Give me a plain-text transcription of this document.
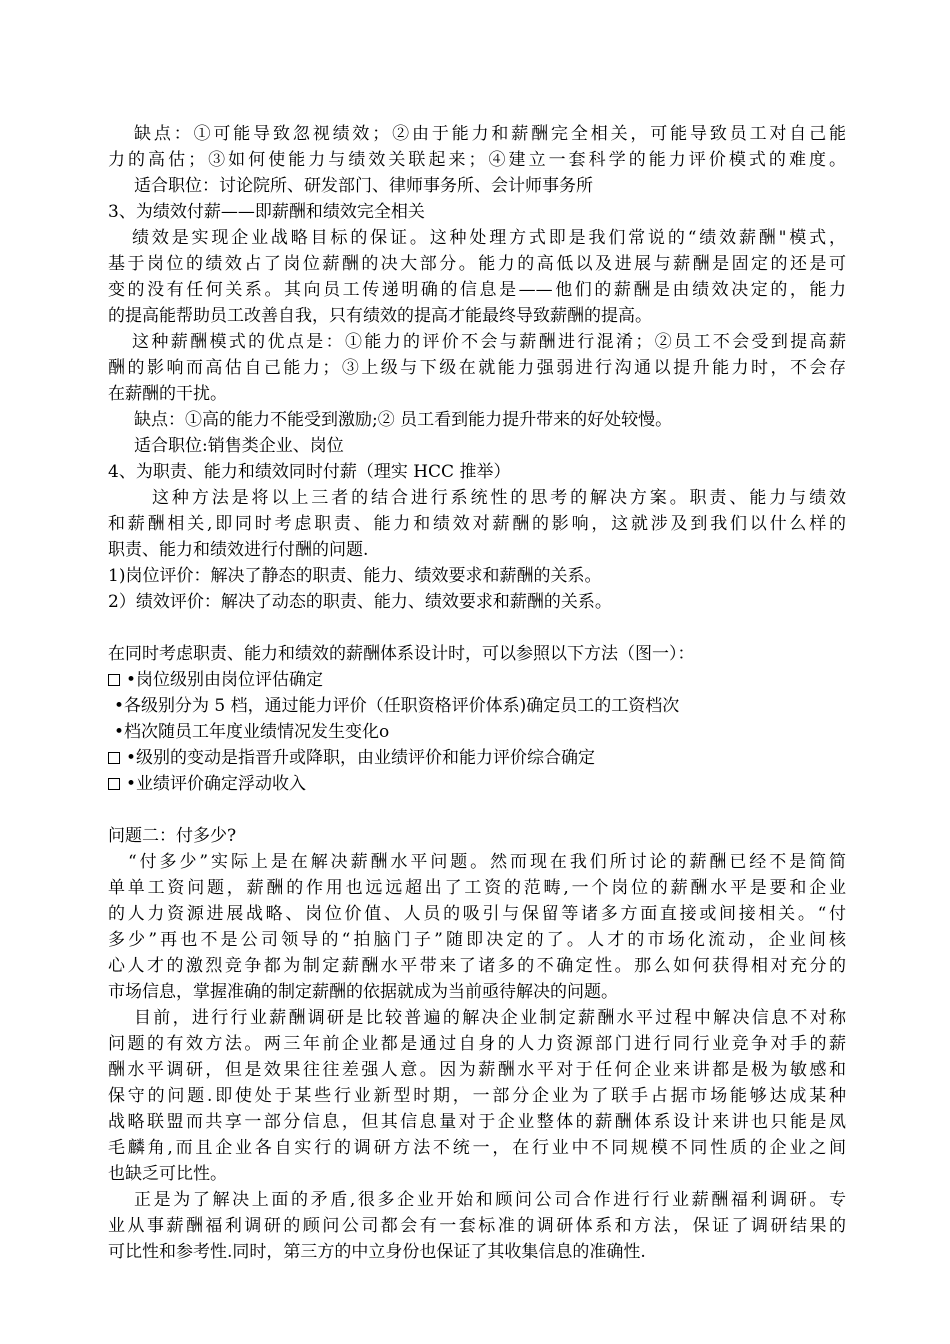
缺点：①可能导致忽视绩效；②由于能力和薪酬完全相关，可能导致员工对自己能
力的高估；③如何使能力与绩效关联起来；④建立一套科学的能力评价模式的难度。
适合职位：讨论院所、研发部门、律师事务所、会计师事务所
3、为绩效付薪——即薪酬和绩效完全相关
绩效是实现企业战略目标的保证。这种处理方式即是我们常说的“绩效薪酬"模式，
基于岗位的绩效占了岗位薪酬的决大部分。能力的高低以及进展与薪酬是固定的还是可
变的没有任何关系。其向员工传递明确的信息是——他们的薪酬是由绩效决定的，能力
的提高能帮助员工改善自我，只有绩效的提高才能最终导致薪酬的提高。
这种薪酬模式的优点是：①能力的评价不会与薪酬进行混淆；②员工不会受到提高薪
酬的影响而高估自己能力；③上级与下级在就能力强弱进行沟通以提升能力时，不会存
在薪酬的干扰。
缺点：①高的能力不能受到激励;② 员工看到能力提升带来的好处较慢。
适合职位:销售类企业、岗位
4、为职责、能力和绩效同时付薪（理实 HCC 推举）
这种方法是将以上三者的结合进行系统性的思考的解决方案。职责、能力与绩效
和薪酬相关,即同时考虑职责、能力和绩效对薪酬的影响，这就涉及到我们以什么样的
职责、能力和绩效进行付酬的问题.
1)岗位评价：解决了静态的职责、能力、绩效要求和薪酬的关系。
2）绩效评价：解决了动态的职责、能力、绩效要求和薪酬的关系。
在同时考虑职责、能力和绩效的薪酬体系设计时，可以参照以下方法（图一）：
•岗位级别由岗位评估确定
•各级别分为 5 档，通过能力评价（任职资格评价体系)确定员工的工资档次
•档次随员工年度业绩情况发生变化o
•级别的变动是指晋升或降职，由业绩评价和能力评价综合确定
•业绩评价确定浮动收入
问题二：付多少?
“付多少”实际上是在解决薪酬水平问题。然而现在我们所讨论的薪酬已经不是简简
单单工资问题，薪酬的作用也远远超出了工资的范畴,一个岗位的薪酬水平是要和企业
的人力资源进展战略、岗位价值、人员的吸引与保留等诸多方面直接或间接相关。“付
多少”再也不是公司领导的“拍脑门子”随即决定的了。人才的市场化流动，企业间核
心人才的激烈竞争都为制定薪酬水平带来了诸多的不确定性。那么如何获得相对充分的
市场信息，掌握准确的制定薪酬的依据就成为当前亟待解决的问题。
目前，进行行业薪酬调研是比较普遍的解决企业制定薪酬水平过程中解决信息不对称
问题的有效方法。两三年前企业都是通过自身的人力资源部门进行同行业竞争对手的薪
酬水平调研，但是效果往往差强人意。因为薪酬水平对于任何企业来讲都是极为敏感和
保守的问题.即使处于某些行业新型时期，一部分企业为了联手占据市场能够达成某种
战略联盟而共享一部分信息，但其信息量对于企业整体的薪酬体系设计来讲也只能是凤
毛麟角,而且企业各自实行的调研方法不统一，在行业中不同规模不同性质的企业之间
也缺乏可比性。
正是为了解决上面的矛盾,很多企业开始和顾问公司合作进行行业薪酬福利调研。专
业从事薪酬福利调研的顾问公司都会有一套标准的调研体系和方法，保证了调研结果的
可比性和参考性.同时，第三方的中立身份也保证了其收集信息的准确性.
